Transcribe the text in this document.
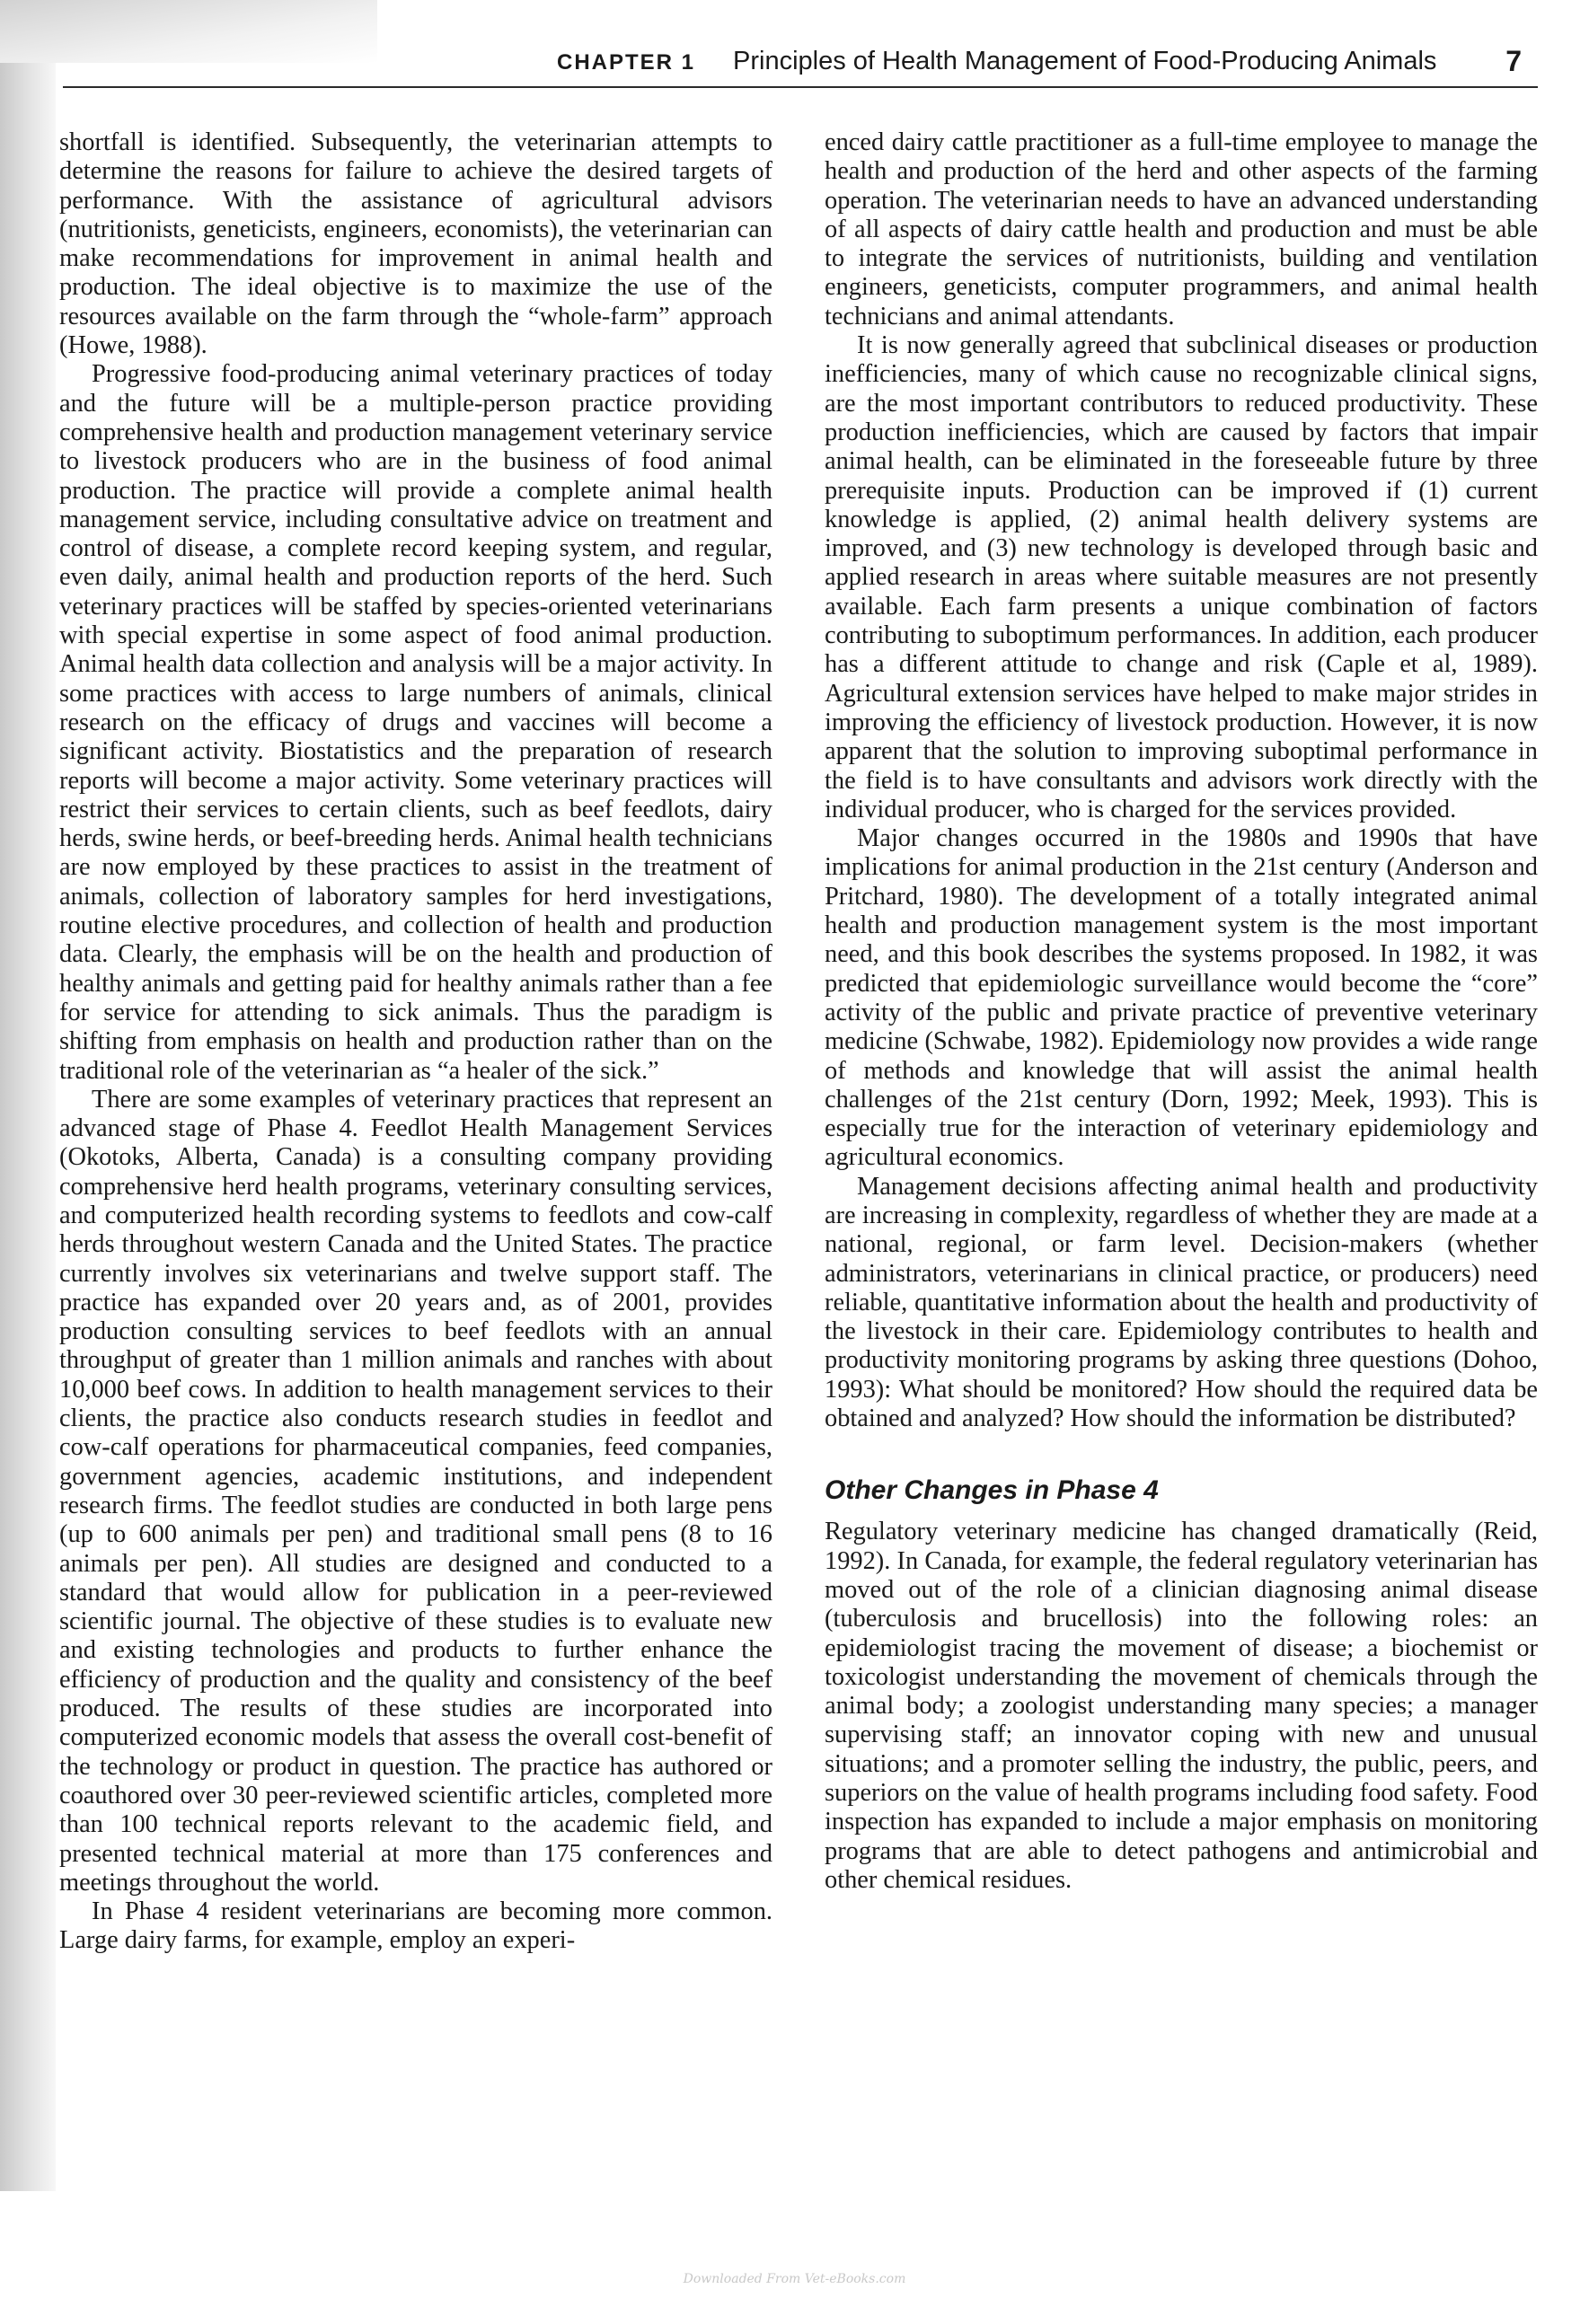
CHAPTER 1 Principles of Health Management of Food-Producing Animals 7

shortfall is identified. Subsequently, the veterinarian attempts to determine the reasons for failure to achieve the desired targets of performance. With the assistance of agricultural advisors (nutritionists, geneticists, engineers, economists), the veterinarian can make recommendations for improvement in animal health and production. The ideal objective is to maximize the use of the resources available on the farm through the “whole-farm” approach (Howe, 1988).

Progressive food-producing animal veterinary practices of today and the future will be a multiple-person practice providing comprehensive health and production management veterinary service to livestock producers who are in the business of food animal production. The practice will provide a complete animal health management service, including consultative advice on treatment and control of disease, a complete record keeping system, and regular, even daily, animal health and production reports of the herd. Such veterinary practices will be staffed by species-oriented veterinarians with special expertise in some aspect of food animal production. Animal health data collection and analysis will be a major activity. In some practices with access to large numbers of animals, clinical research on the efficacy of drugs and vaccines will become a significant activity. Biostatistics and the preparation of research reports will become a major activity. Some veterinary practices will restrict their services to certain clients, such as beef feedlots, dairy herds, swine herds, or beef-breeding herds. Animal health technicians are now employed by these practices to assist in the treatment of animals, collection of laboratory samples for herd investigations, routine elective procedures, and collection of health and production data. Clearly, the emphasis will be on the health and production of healthy animals and getting paid for healthy animals rather than a fee for service for attending to sick animals. Thus the paradigm is shifting from emphasis on health and production rather than on the traditional role of the veterinarian as “a healer of the sick.”

There are some examples of veterinary practices that represent an advanced stage of Phase 4. Feedlot Health Management Services (Okotoks, Alberta, Canada) is a consulting company providing comprehensive herd health programs, veterinary consulting services, and computerized health recording systems to feedlots and cow-calf herds throughout western Canada and the United States. The practice currently involves six veterinarians and twelve support staff. The practice has expanded over 20 years and, as of 2001, provides production consulting services to beef feedlots with an annual throughput of greater than 1 million animals and ranches with about 10,000 beef cows. In addition to health management services to their clients, the practice also conducts research studies in feedlot and cow-calf operations for pharmaceutical companies, feed companies, government agencies, academic institutions, and independent research firms. The feedlot studies are conducted in both large pens (up to 600 animals per pen) and traditional small pens (8 to 16 animals per pen). All studies are designed and conducted to a standard that would allow for publication in a peer-reviewed scientific journal. The objective of these studies is to evaluate new and existing technologies and products to further enhance the efficiency of production and the quality and consistency of the beef produced. The results of these studies are incorporated into computerized economic models that assess the overall cost-benefit of the technology or product in question. The practice has authored or coauthored over 30 peer-reviewed scientific articles, completed more than 100 technical reports relevant to the academic field, and presented technical material at more than 175 conferences and meetings throughout the world.

In Phase 4 resident veterinarians are becoming more common. Large dairy farms, for example, employ an experi-

enced dairy cattle practitioner as a full-time employee to manage the health and production of the herd and other aspects of the farming operation. The veterinarian needs to have an advanced understanding of all aspects of dairy cattle health and production and must be able to integrate the services of nutritionists, building and ventilation engineers, geneticists, computer programmers, and animal health technicians and animal attendants.

It is now generally agreed that subclinical diseases or production inefficiencies, many of which cause no recognizable clinical signs, are the most important contributors to reduced productivity. These production inefficiencies, which are caused by factors that impair animal health, can be eliminated in the foreseeable future by three prerequisite inputs. Production can be improved if (1) current knowledge is applied, (2) animal health delivery systems are improved, and (3) new technology is developed through basic and applied research in areas where suitable measures are not presently available. Each farm presents a unique combination of factors contributing to suboptimum performances. In addition, each producer has a different attitude to change and risk (Caple et al, 1989). Agricultural extension services have helped to make major strides in improving the efficiency of livestock production. However, it is now apparent that the solution to improving suboptimal performance in the field is to have consultants and advisors work directly with the individual producer, who is charged for the services provided.

Major changes occurred in the 1980s and 1990s that have implications for animal production in the 21st century (Anderson and Pritchard, 1980). The development of a totally integrated animal health and production management system is the most important need, and this book describes the systems proposed. In 1982, it was predicted that epidemiologic surveillance would become the “core” activity of the public and private practice of preventive veterinary medicine (Schwabe, 1982). Epidemiology now provides a wide range of methods and knowledge that will assist the animal health challenges of the 21st century (Dorn, 1992; Meek, 1993). This is especially true for the interaction of veterinary epidemiology and agricultural economics.

Management decisions affecting animal health and productivity are increasing in complexity, regardless of whether they are made at a national, regional, or farm level. Decision-makers (whether administrators, veterinarians in clinical practice, or producers) need reliable, quantitative information about the health and productivity of the livestock in their care. Epidemiology contributes to health and productivity monitoring programs by asking three questions (Dohoo, 1993): What should be monitored? How should the required data be obtained and analyzed? How should the information be distributed?

Other Changes in Phase 4

Regulatory veterinary medicine has changed dramatically (Reid, 1992). In Canada, for example, the federal regulatory veterinarian has moved out of the role of a clinician diagnosing animal disease (tuberculosis and brucellosis) into the following roles: an epidemiologist tracing the movement of disease; a biochemist or toxicologist understanding the movement of chemicals through the animal body; a zoologist understanding many species; a manager supervising staff; an innovator coping with new and unusual situations; and a promoter selling the industry, the public, peers, and superiors on the value of health programs including food safety. Food inspection has expanded to include a major emphasis on monitoring programs that are able to detect pathogens and antimicrobial and other chemical residues.

Downloaded From Vet-eBooks.com
